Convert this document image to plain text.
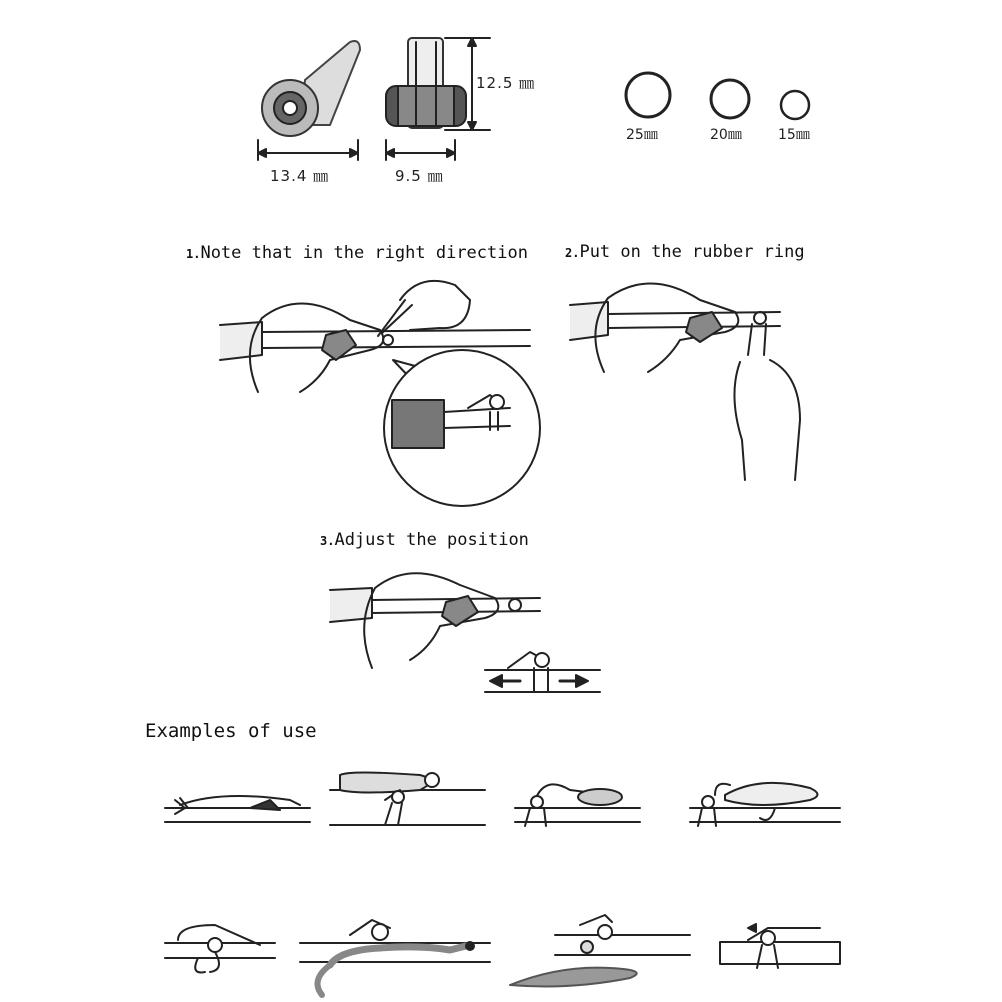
12.5 ㎜
13.4 ㎜	9.5 ㎜
25㎜	20㎜	15㎜
1.Note that in the right direction	2.Put on the rubber ring
3.Adjust the position
Examples of use
